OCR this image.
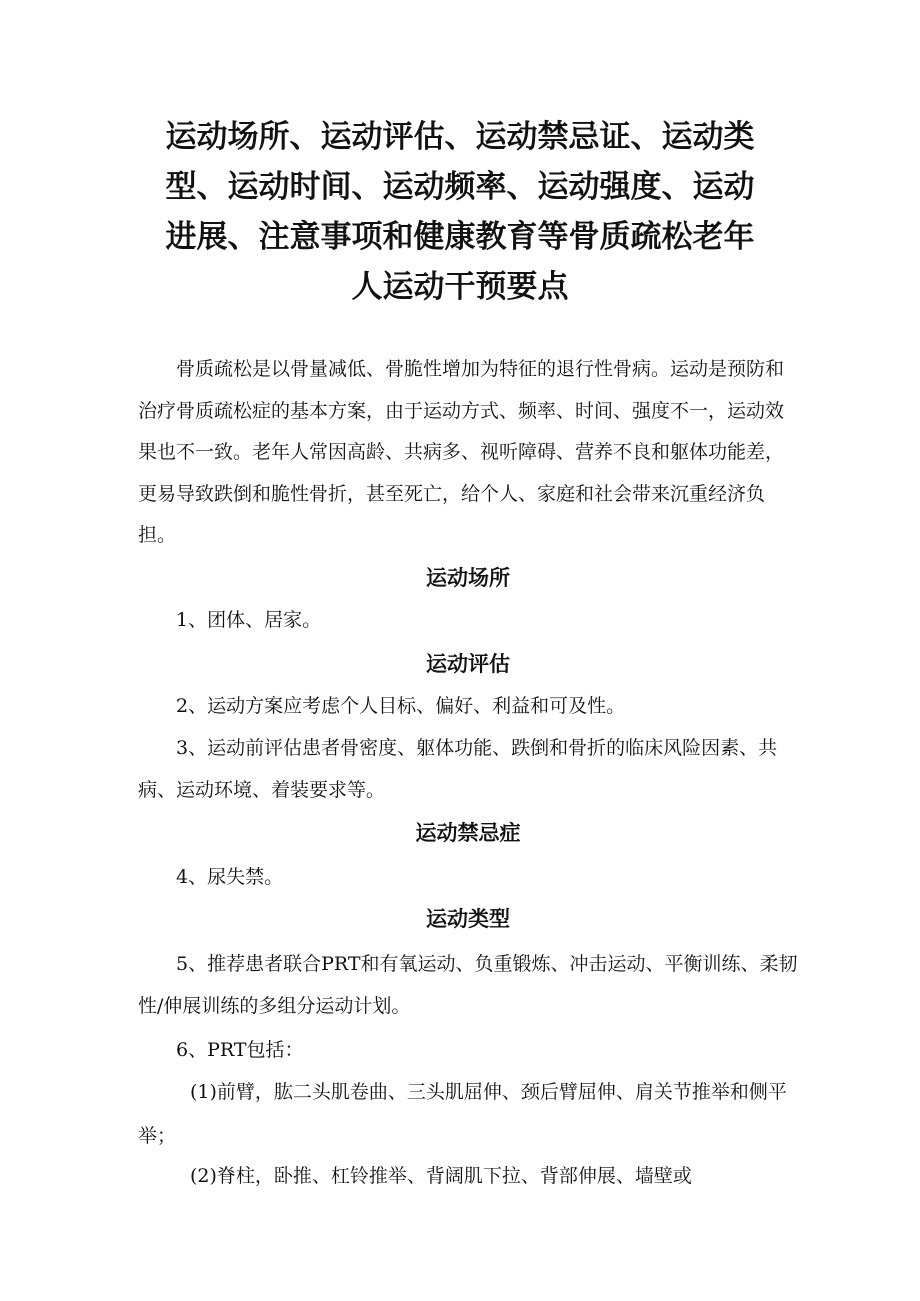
运动场所、运动评估、运动禁忌证、运动类
型、运动时间、运动频率、运动强度、运动
进展、注意事项和健康教育等骨质疏松老年
人运动干预要点

骨质疏松是以骨量减低、骨脆性增加为特征的退行性骨病。运动是预防和治疗骨质疏松症的基本方案，由于运动方式、频率、时间、强度不一，运动效果也不一致。老年人常因高龄、共病多、视听障碍、营养不良和躯体功能差，更易导致跌倒和脆性骨折，甚至死亡，给个人、家庭和社会带来沉重经济负担。

运动场所

1、团体、居家。

运动评估

2、运动方案应考虑个人目标、偏好、利益和可及性。

3、运动前评估患者骨密度、躯体功能、跌倒和骨折的临床风险因素、共病、运动环境、着装要求等。

运动禁忌症

4、尿失禁。

运动类型

5、推荐患者联合PRT和有氧运动、负重锻炼、冲击运动、平衡训练、柔韧性/伸展训练的多组分运动计划。

6、PRT包括：

(1)前臂，肱二头肌卷曲、三头肌屈伸、颈后臂屈伸、肩关节推举和侧平举；

(2)脊柱，卧推、杠铃推举、背阔肌下拉、背部伸展、墙壁或
